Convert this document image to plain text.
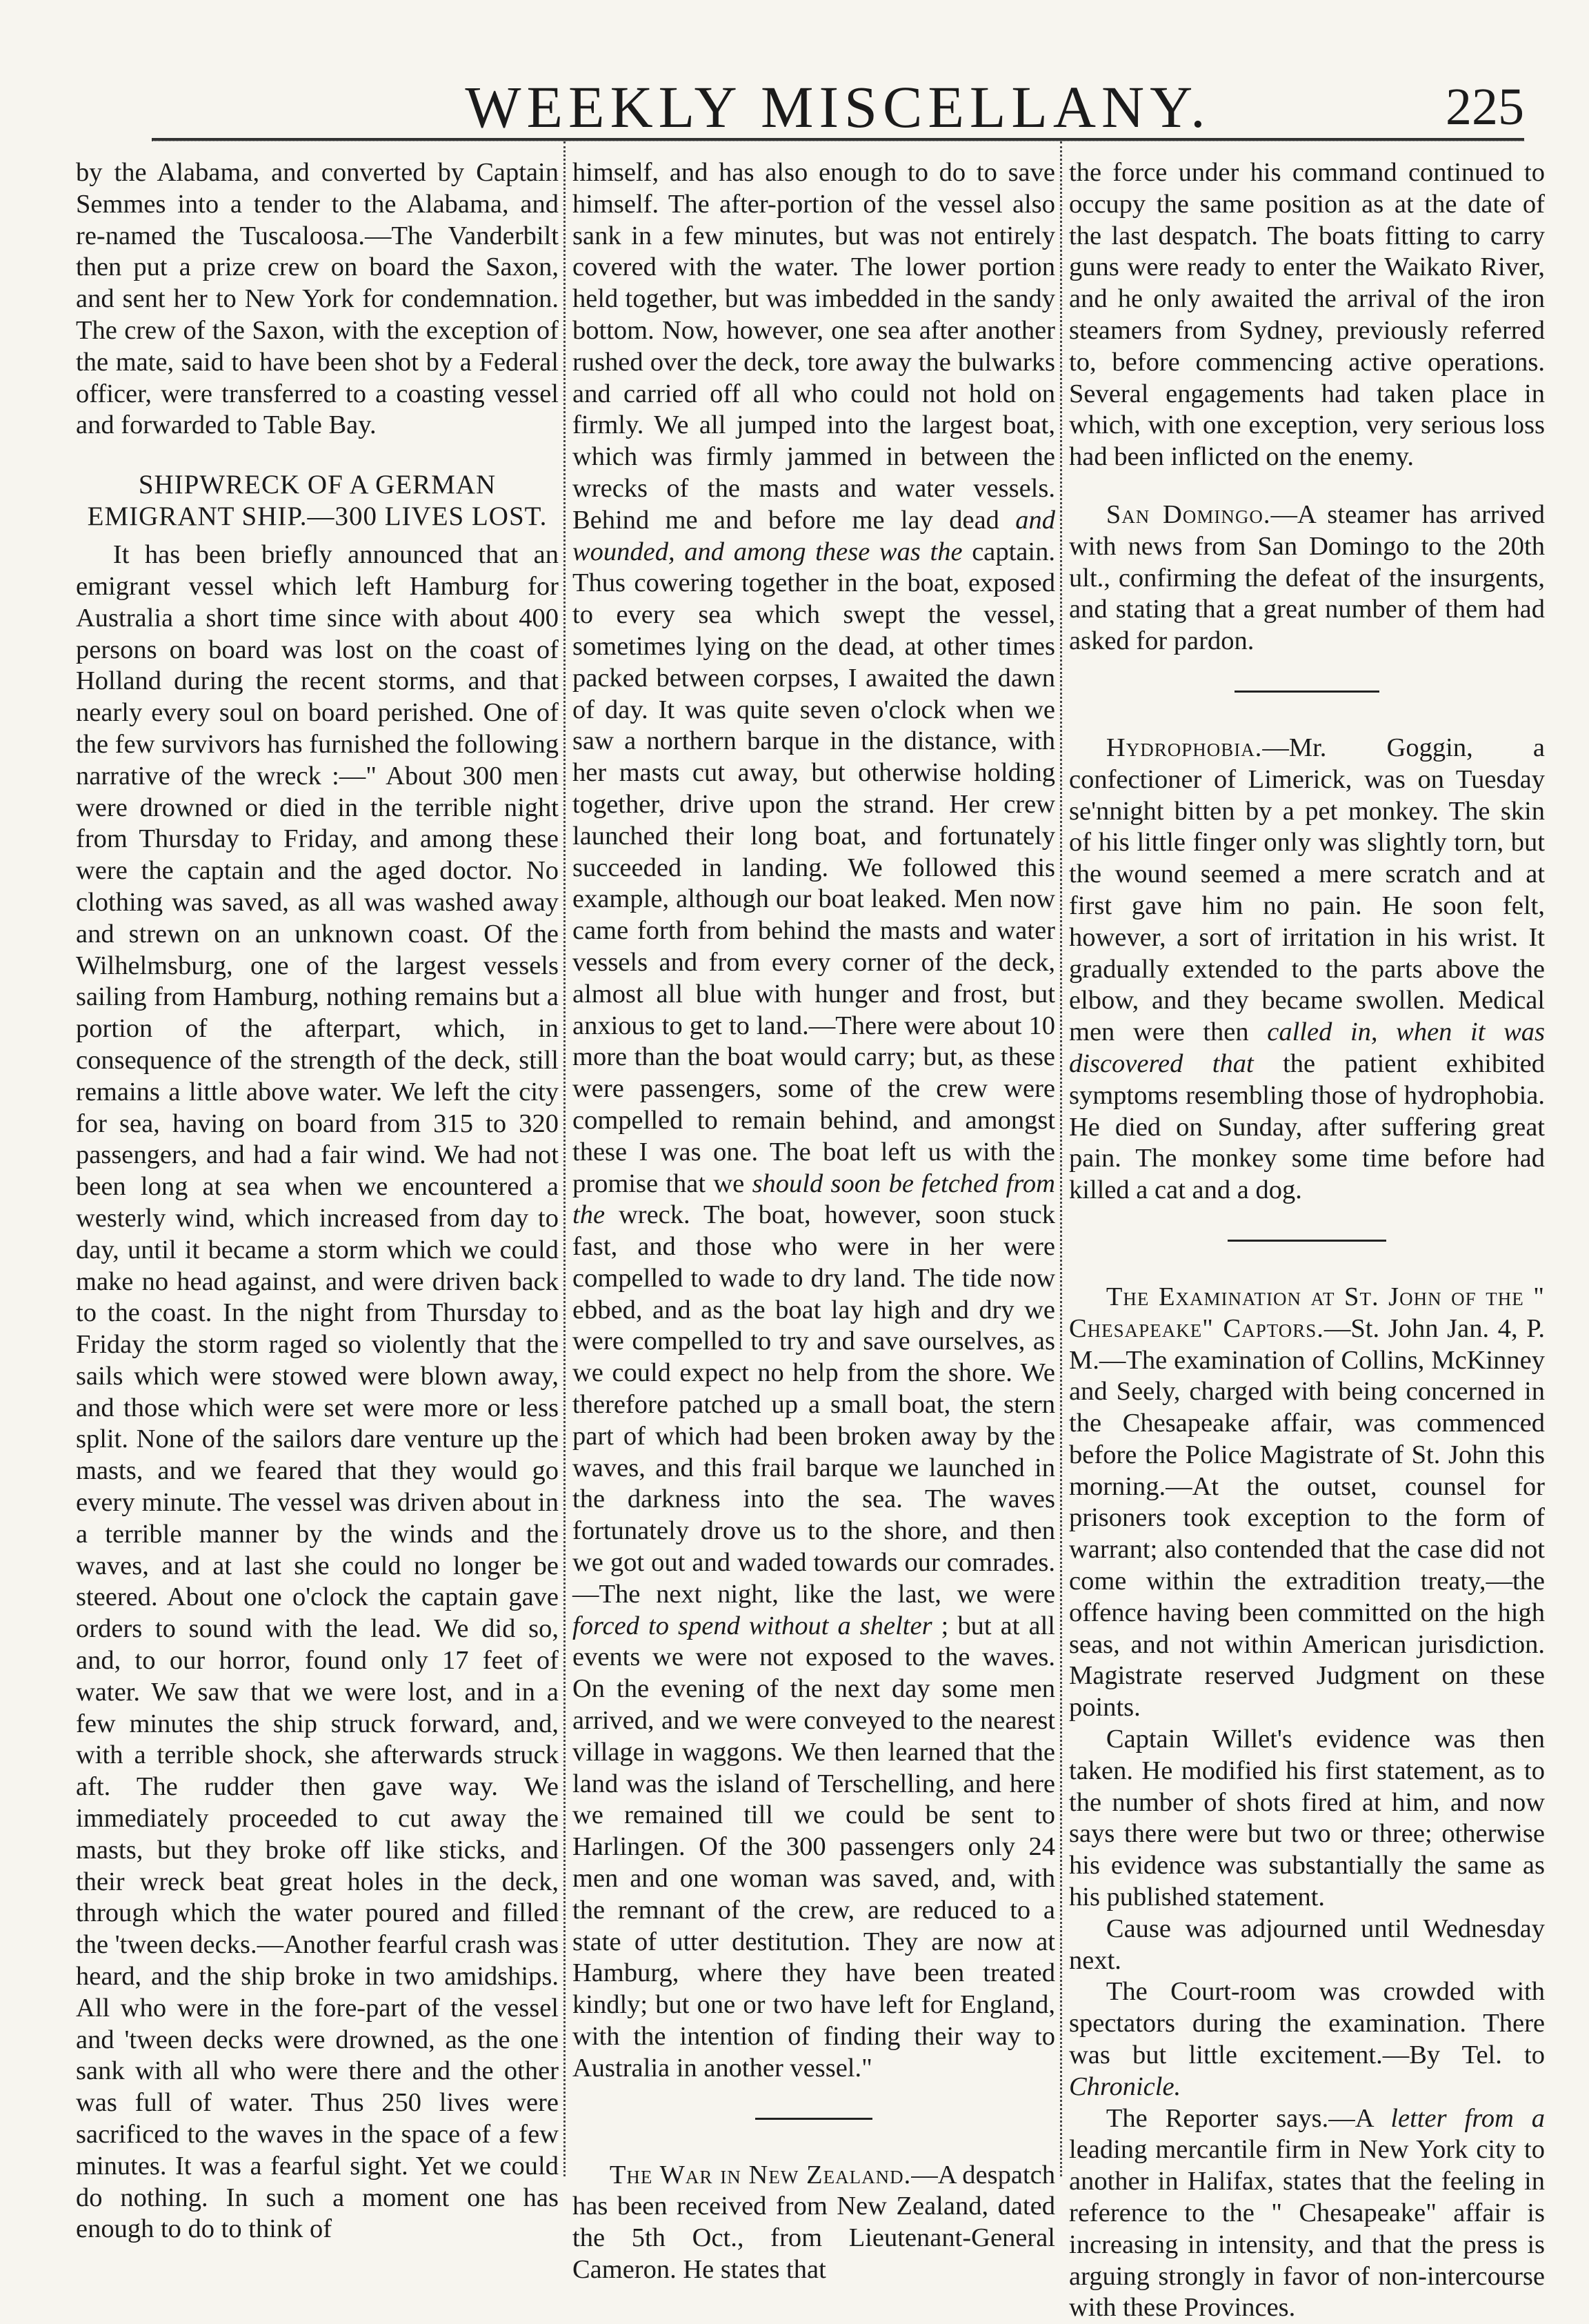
WEEKLY MISCELLANY.	225

by the Alabama, and converted by Captain Semmes into a tender to the Alabama, and re-named the Tuscaloosa.—The Vanderbilt then put a prize crew on board the Saxon, and sent her to New York for condemnation. The crew of the Saxon, with the exception of the mate, said to have been shot by a Federal officer, were transferred to a coasting vessel and forwarded to Table Bay.

SHIPWRECK OF A GERMAN EMIGRANT SHIP.—300 LIVES LOST.

It has been briefly announced that an emigrant vessel which left Hamburg for Australia a short time since with about 400 persons on board was lost on the coast of Holland during the recent storms, and that nearly every soul on board perished. One of the few survivors has furnished the following narrative of the wreck :—" About 300 men were drowned or died in the terrible night from Thursday to Friday, and among these were the captain and the aged doctor. No clothing was saved, as all was washed away and strewn on an unknown coast. Of the Wilhelmsburg, one of the largest vessels sailing from Hamburg, nothing remains but a portion of the afterpart, which, in consequence of the strength of the deck, still remains a little above water. We left the city for sea, having on board from 315 to 320 passengers, and had a fair wind. We had not been long at sea when we encountered a westerly wind, which increased from day to day, until it became a storm which we could make no head against, and were driven back to the coast. In the night from Thursday to Friday the storm raged so violently that the sails which were stowed were blown away, and those which were set were more or less split. None of the sailors dare venture up the masts, and we feared that they would go every minute. The vessel was driven about in a terrible manner by the winds and the waves, and at last she could no longer be steered. About one o'clock the captain gave orders to sound with the lead. We did so, and, to our horror, found only 17 feet of water. We saw that we were lost, and in a few minutes the ship struck forward, and, with a terrible shock, she afterwards struck aft. The rudder then gave way. We immediately proceeded to cut away the masts, but they broke off like sticks, and their wreck beat great holes in the deck, through which the water poured and filled the 'tween decks.—Another fearful crash was heard, and the ship broke in two amidships. All who were in the fore-part of the vessel and 'tween decks were drowned, as the one sank with all who were there and the other was full of water. Thus 250 lives were sacrificed to the waves in the space of a few minutes. It was a fearful sight. Yet we could do nothing. In such a moment one has enough to do to think of

himself, and has also enough to do to save himself. The after-portion of the vessel also sank in a few minutes, but was not entirely covered with the water. The lower portion held together, but was imbedded in the sandy bottom. Now, however, one sea after another rushed over the deck, tore away the bulwarks and carried off all who could not hold on firmly. We all jumped into the largest boat, which was firmly jammed in between the wrecks of the masts and water vessels. Behind me and before me lay dead and wounded, and among these was the captain. Thus cowering together in the boat, exposed to every sea which swept the vessel, sometimes lying on the dead, at other times packed between corpses, I awaited the dawn of day. It was quite seven o'clock when we saw a northern barque in the distance, with her masts cut away, but otherwise holding together, drive upon the strand. Her crew launched their long boat, and fortunately succeeded in landing. We followed this example, although our boat leaked. Men now came forth from behind the masts and water vessels and from every corner of the deck, almost all blue with hunger and frost, but anxious to get to land.—There were about 10 more than the boat would carry; but, as these were passengers, some of the crew were compelled to remain behind, and amongst these I was one. The boat left us with the promise that we should soon be fetched from the wreck. The boat, however, soon stuck fast, and those who were in her were compelled to wade to dry land. The tide now ebbed, and as the boat lay high and dry we were compelled to try and save ourselves, as we could expect no help from the shore. We therefore patched up a small boat, the stern part of which had been broken away by the waves, and this frail barque we launched in the darkness into the sea. The waves fortunately drove us to the shore, and then we got out and waded towards our comrades.—The next night, like the last, we were forced to spend without a shelter ; but at all events we were not exposed to the waves. On the evening of the next day some men arrived, and we were conveyed to the nearest village in waggons. We then learned that the land was the island of Terschelling, and here we remained till we could be sent to Harlingen. Of the 300 passengers only 24 men and one woman was saved, and, with the remnant of the crew, are reduced to a state of utter destitution. They are now at Hamburg, where they have been treated kindly; but one or two have left for England, with the intention of finding their way to Australia in another vessel."

The War in New Zealand.—A despatch has been received from New Zealand, dated the 5th Oct., from Lieutenant-General Cameron. He states that

the force under his command continued to occupy the same position as at the date of the last despatch. The boats fitting to carry guns were ready to enter the Waikato River, and he only awaited the arrival of the iron steamers from Sydney, previously referred to, before commencing active operations. Several engagements had taken place in which, with one exception, very serious loss had been inflicted on the enemy.

San Domingo.—A steamer has arrived with news from San Domingo to the 20th ult., confirming the defeat of the insurgents, and stating that a great number of them had asked for pardon.

Hydrophobia.—Mr. Goggin, a confectioner of Limerick, was on Tuesday se'nnight bitten by a pet monkey. The skin of his little finger only was slightly torn, but the wound seemed a mere scratch and at first gave him no pain. He soon felt, however, a sort of irritation in his wrist. It gradually extended to the parts above the elbow, and they became swollen. Medical men were then called in, when it was discovered that the patient exhibited symptoms resembling those of hydrophobia. He died on Sunday, after suffering great pain. The monkey some time before had killed a cat and a dog.

The Examination at St. John of the " Chesapeake" Captors.—St. John Jan. 4, P. M.—The examination of Collins, McKinney and Seely, charged with being concerned in the Chesapeake affair, was commenced before the Police Magistrate of St. John this morning.—At the outset, counsel for prisoners took exception to the form of warrant; also contended that the case did not come within the extradition treaty,—the offence having been committed on the high seas, and not within American jurisdiction. Magistrate reserved Judgment on these points.

Captain Willet's evidence was then taken. He modified his first statement, as to the number of shots fired at him, and now says there were but two or three; otherwise his evidence was substantially the same as his published statement.

Cause was adjourned until Wednesday next.

The Court-room was crowded with spectators during the examination. There was but little excitement.—By Tel. to Chronicle.

The Reporter says.—A letter from a leading mercantile firm in New York city to another in Halifax, states that the feeling in reference to the " Chesapeake" affair is increasing in intensity, and that the press is arguing strongly in favor of non-intercourse with these Provinces.
